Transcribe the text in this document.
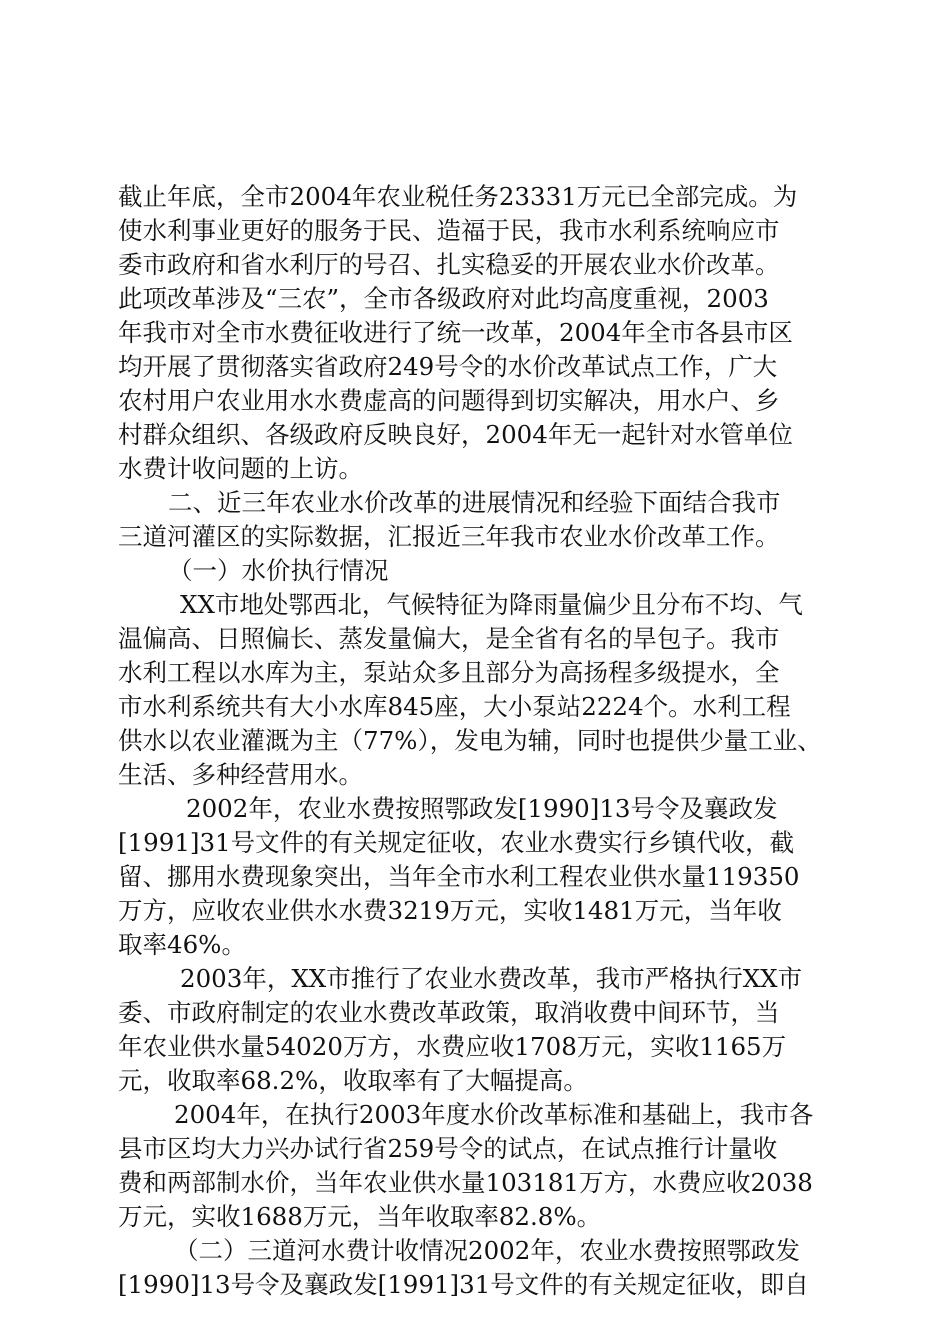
截止年底，全市2004年农业税任务23331万元已全部完成。为
使水利事业更好的服务于民、造福于民，我市水利系统响应市
委市政府和省水利厅的号召、扎实稳妥的开展农业水价改革。
此项改革涉及“三农”，全市各级政府对此均高度重视，2003
年我市对全市水费征收进行了统一改革，2004年全市各县市区
均开展了贯彻落实省政府249号令的水价改革试点工作，广大
农村用户农业用水水费虚高的问题得到切实解决，用水户、乡
村群众组织、各级政府反映良好，2004年无一起针对水管单位
水费计收问题的上访。
二、近三年农业水价改革的进展情况和经验下面结合我市
三道河灌区的实际数据，汇报近三年我市农业水价改革工作。
（一）水价执行情况
XX市地处鄂西北，气候特征为降雨量偏少且分布不均、气
温偏高、日照偏长、蒸发量偏大，是全省有名的旱包子。我市
水利工程以水库为主，泵站众多且部分为高扬程多级提水，全
市水利系统共有大小水库845座，大小泵站2224个。水利工程
供水以农业灌溉为主（77%），发电为辅，同时也提供少量工业、
生活、多种经营用水。
2002年，农业水费按照鄂政发[1990]13号令及襄政发
[1991]31号文件的有关规定征收，农业水费实行乡镇代收，截
留、挪用水费现象突出，当年全市水利工程农业供水量119350
万方，应收农业供水水费3219万元，实收1481万元，当年收
取率46%。
2003年，XX市推行了农业水费改革，我市严格执行XX市
委、市政府制定的农业水费改革政策，取消收费中间环节，当
年农业供水量54020万方，水费应收1708万元，实收1165万
元，收取率68.2%，收取率有了大幅提高。
2004年，在执行2003年度水价改革标准和基础上，我市各
县市区均大力兴办试行省259号令的试点，在试点推行计量收
费和两部制水价，当年农业供水量103181万方，水费应收2038
万元，实收1688万元，当年收取率82.8%。
（二）三道河水费计收情况2002年，农业水费按照鄂政发
[1990]13号令及襄政发[1991]31号文件的有关规定征收，即自
